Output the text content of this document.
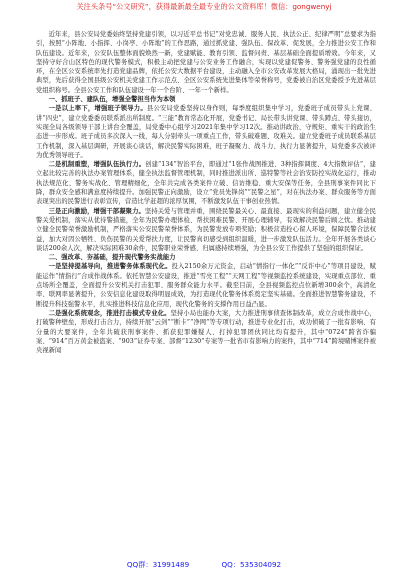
关注头条号“公文研究”，获得最新最全最专业的公文资料库！微信：gongwenyj

近年来，县公安局党委始终坚持党建引领，以习近平总书记“对党忠诚、服务人民、执法公正、纪律严明”总要求为指引，按照“小阵地、小指挥、小岗亭、小阵地”的工作思路，通过抓党建、强队伍、保改革、促发展，全力推进公安工作和队伍建设。近年来，公安队伍整体面貌焕然一新，党建赋能、教育引领、监督问责、基层基础全面提质增效。今年来，又坚持守好合山区特色的现代警务模式，积极主动把党建与公安业务工作融合，实现以党建促警务、警务强党建的良性循环，在全区公安系统率先打造党建品牌，依托公安大数据平台建设，主动融入全市公安改革发展大格局，涌现出一批先进典型，先后获得全国县级公安机关党建工作示范点、全区公安系统先进集体等荣誉称号，党委被自治区党委授予先进基层党组织称号。全县公安工作和队伍建设一年一个台阶、一年一个新样。

一、抓班子、建队伍，增强全警担当作为本领

一是以上率下，增强班子领导力。县公安局党委坚持以身作则，每季度组织集中学习，党委班子成员带头上党课、讲“四史”，建立党委委员联系派出所制度。“三能”教育常态化开展，党委书记、局长带头讲党课、带头蹲点、带头接访，实现全局各级领导干部上讲台全覆盖，局党委中心组学习2021年集中学习12次。推动讲政治、守规矩、重实干的政治生态进一步形成。班子成员多次深入一线，每人分别牵头一项重点工作，带头破难题、攻难关。建立党委班子成员联系基层工作机制，深入基层调研，开展谈心谈话，解决民警实际困难，班子凝聚力、战斗力、执行力显著提升，局党委多次被评为优秀领导班子。

二是机制重塑，增强队伍执行力。创建“134”智治平台，即通过“1张作战图推进、3种指挥调度、4大指数评估”，建立起比较完善的执法办案管理体系，健全执法监督管理机制，同时推进派出所、巡特警等社会治安防控实战化运行，推动执法规范化、警务实战化、管理精细化，全年共完成各类案件立破、信访维稳、重大安保等任务，全县刑事案件同比下降，群众安全感和满意度持续提升。加强民警正向激励，设立“党员先锋岗”“民警之星”，对在执法办案、群众服务等方面表现突出的民警进行表彰宣传，营造比学赶超的浓厚氛围，不断激发队伍干事创业热情。

三是正向激励，增强干部凝聚力。坚持关爱与管理并重，围绕民警最关心、最直接、最现实的利益问题，建立健全民警关爱机制，落实从优待警措施，全年为民警办理体检、帮扶困难民警、开展心理辅导，有效解决民警后顾之忧。推动建立健全民警荣誉激励机制，严格落实公安民警荣誉体系，为民警发放专项奖励；积极营造拴心留人环境，保障民警合法权益，加大对因公牺牲、负伤民警的关爱帮扶力度，让民警真切感受到组织温暖，进一步激发队伍活力。全年开展各类谈心谈话200余人次，解决实际困难30余件，民警职业荣誉感、归属感持续增强，为全县公安工作提供了坚强的组织保证。

二、强改革、夯基础，提升现代警务实战能力

一是坚持提基导向，推进警务体系现代化。投入2150余万元资金，启动“情指行一体化”“反诈中心”等项目建设，赋能运作“情指行”合成作战体系。依托智慧公安建设，推进“雪亮工程”“天网工程”等视频监控系统建设，实现重点部位、重点场所全覆盖，全面提升公安机关打击犯罪、服务群众能力水平。截至目前，全县视频监控点位新增300余个，高清化率、联网率显著提升，公安信息化建设取得明显成效，为打造现代化警务体系奠定坚实基础。全面推进智慧警务建设，不断提升科技强警水平，扎实推进科技信息化应用，现代化警务的支撑作用日益凸显。

二是强化系统观念，推进打击模式专业化。坚持小局也能办大案，大力推进刑事侦查体制改革，成立合成作战中心，打破警种壁垒，形成打击合力，持续开展“云剑”“断卡”“净网”等专项行动，推进专业化打击，成功侦破了一批有影响、有分量的大要案件，全年共破获刑事案件、抓获犯罪嫌疑人、打掉犯罪团伙同比均有提升，其中“0724”跨省诈骗案、“914”百万黄金被盗案、“903”证券专案、部督“1230”专案等一批省市有影响力的案件，其中“714”跨境赌博案件被央视新闻

QQ群：31991489	QQ：535304092
